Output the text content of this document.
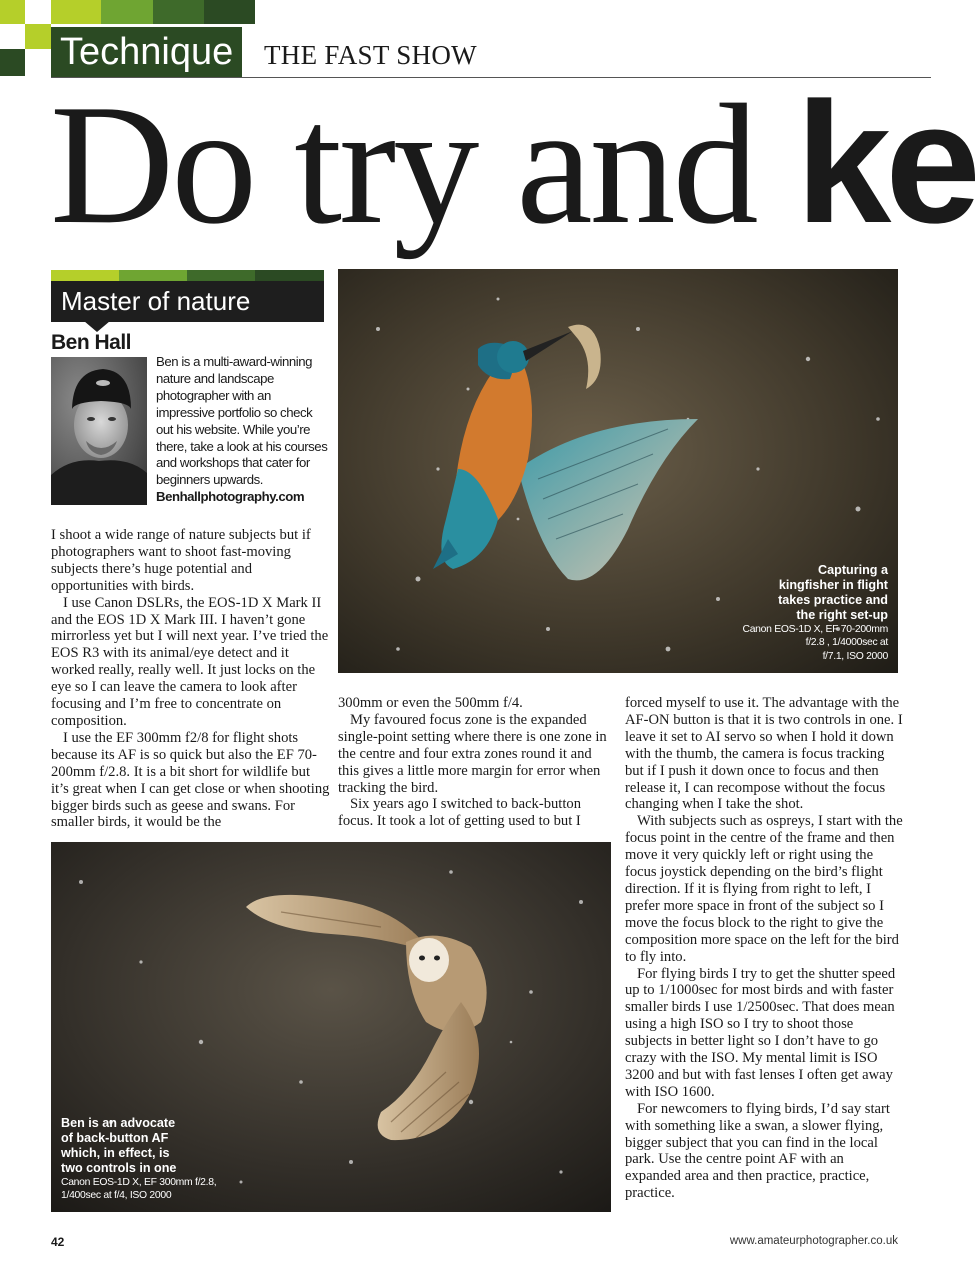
Technique	THE FAST SHOW
Do try and ke
Master of nature
Ben Hall
Ben is a multi-award-winning nature and landscape photographer with an impressive portfolio so check out his website. While you’re there, take a look at his courses and workshops that cater for beginners upwards.
Benhallphotography.com

I shoot a wide range of nature subjects but if photographers want to shoot fast-moving subjects there’s huge potential and opportunities with birds.

I use Canon DSLRs, the EOS-1D X Mark II and the EOS 1D X Mark III. I haven’t gone mirrorless yet but I will next year. I’ve tried the EOS R3 with its animal/eye detect and it worked really, really well. It just locks on the eye so I can leave the camera to look after focusing and I’m free to concentrate on composition.

I use the EF 300mm f2/8 for flight shots because its AF is so quick but also the EF 70-200mm f/2.8. It is a bit short for wildlife but it’s great when I can get close or when shooting bigger birds such as geese and swans. For smaller birds, it would be the

Capturing a
kingfisher in flight
takes practice and
the right set-up
Canon EOS-1D X, EF 70-200mm
f/2.8 , 1/4000sec at
f/7.1, ISO 2000

300mm or even the 500mm f/4.

My favoured focus zone is the expanded single-point setting where there is one zone in the centre and four extra zones round it and this gives a little more margin for error when tracking the bird.

Six years ago I switched to back-button focus. It took a lot of getting used to but I

forced myself to use it. The advantage with the AF-ON button is that it is two controls in one. I leave it set to AI servo so when I hold it down with the thumb, the camera is focus tracking but if I push it down once to focus and then release it, I can recompose without the focus changing when I take the shot.

With subjects such as ospreys, I start with the focus point in the centre of the frame and then move it very quickly left or right using the focus joystick depending on the bird’s flight direction. If it is flying from right to left, I prefer more space in front of the subject so I move the focus block to the right to give the composition more space on the left for the bird to fly into.

For flying birds I try to get the shutter speed up to 1/1000sec for most birds and with faster smaller birds I use 1/2500sec. That does mean using a high ISO so I try to shoot those subjects in better light so I don’t have to go crazy with the ISO. My mental limit is ISO 3200 and but with fast lenses I often get away with ISO 1600.

For newcomers to flying birds, I’d say start with something like a swan, a slower flying, bigger subject that you can find in the local park. Use the centre point AF with an expanded area and then practice, practice, practice.

Ben is an advocate
of back-button AF
which, in effect, is
two controls in one
Canon EOS-1D X, EF 300mm f/2.8,
1/400sec at f/4, ISO 2000
42	www.amateurphotographer.co.uk
